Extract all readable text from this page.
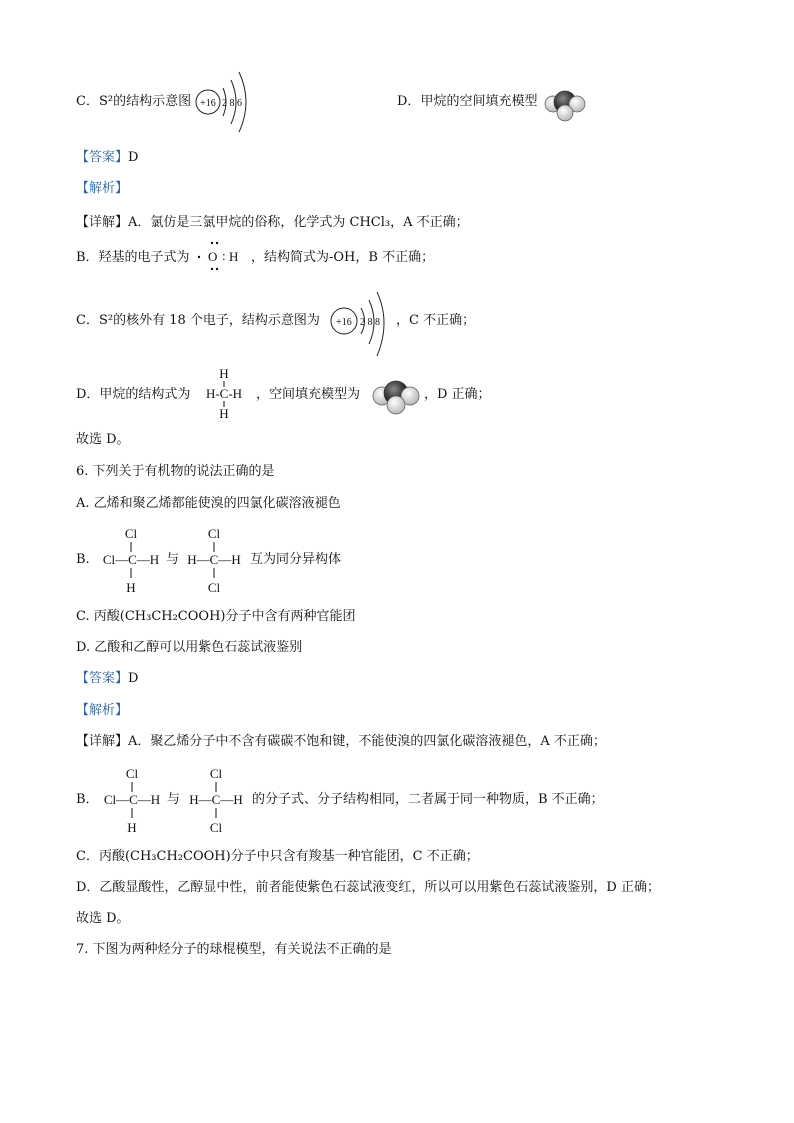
C．S²的结构示意图 +16 2 8 6	D．甲烷的空间填充模型
【答案】D
【解析】
【详解】A．氯仿是三氯甲烷的俗称，化学式为 CHCl₃，A 不正确；
B．羟基的电子式为 O : H ，结构简式为-OH，B 不正确；
C．S²的核外有 18 个电子，结构示意图为 +16 2 8 8 ，C 不正确；
D．甲烷的结构式为
H
H-C-H
H
，空间填充模型为	，D 正确；
故选 D。
6. 下列关于有机物的说法正确的是
A. 乙烯和聚乙烯都能使溴的四氯化碳溶液褪色
B.
Cl
Cl—C—H
H
与
Cl
H—C—H
Cl
互为同分异构体
C. 丙酸(CH₃CH₂COOH)分子中含有两种官能团
D. 乙酸和乙醇可以用紫色石蕊试液鉴别
【答案】D
【解析】
【详解】A．聚乙烯分子中不含有碳碳不饱和键，不能使溴的四氯化碳溶液褪色，A 不正确；
B．
Cl
Cl—C—H
H
与
Cl
H—C—H
Cl
的分子式、分子结构相同，二者属于同一种物质，B 不正确；
C．丙酸(CH₃CH₂COOH)分子中只含有羧基一种官能团，C 不正确；
D．乙酸显酸性，乙醇显中性，前者能使紫色石蕊试液变红，所以可以用紫色石蕊试液鉴别，D 正确；
故选 D。
7. 下图为两种烃分子的球棍模型，有关说法不正确的是
